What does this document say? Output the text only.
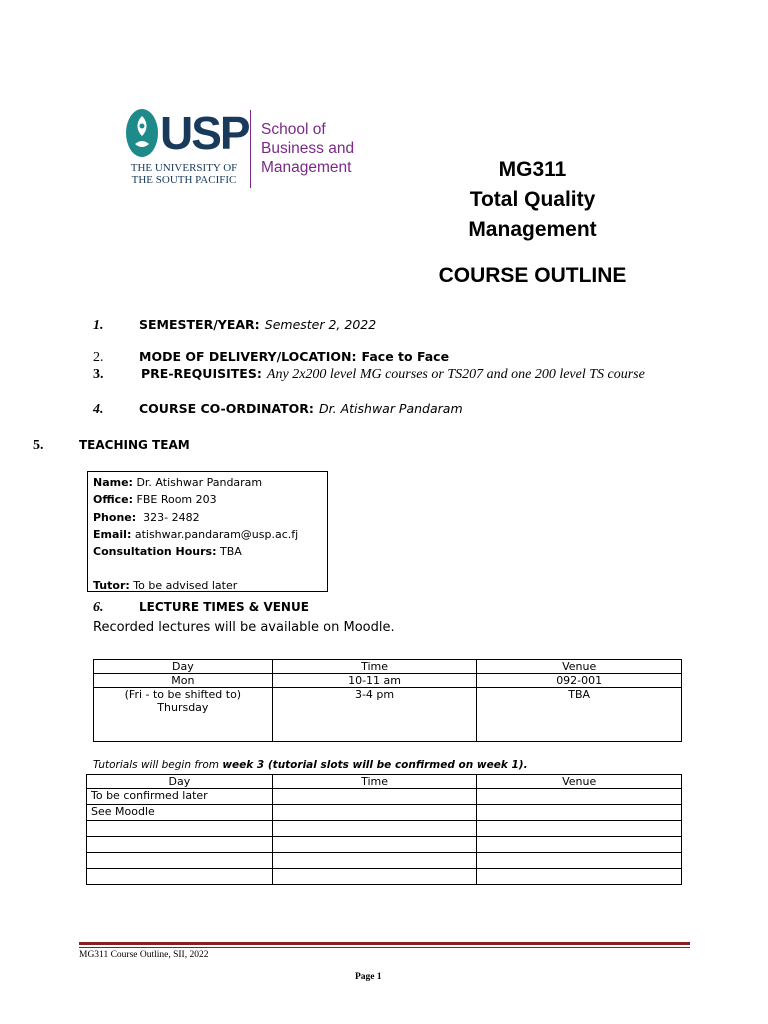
USP
THE UNIVERSITY OF THE SOUTH PACIFIC
School of
Business and
Management	MG311
Total Quality
Management
COURSE OUTLINE
1.	SEMESTER/YEAR: Semester 2, 2022
2.	MODE OF DELIVERY/LOCATION: Face to Face
3.	PRE-REQUISITES: Any 2x200 level MG courses or TS207 and one 200 level TS course
4.	COURSE CO-ORDINATOR: Dr. Atishwar Pandaram
5.	TEACHING TEAM
Name: Dr. Atishwar Pandaram
Office: FBE Room 203
Phone: 323- 2482
Email: atishwar.pandaram@usp.ac.fj
Consultation Hours: TBA
Tutor: To be advised later
6.	LECTURE TIMES & VENUE
Recorded lectures will be available on Moodle.
Day	Time	Venue
Mon	10-11 am	092-001
(Fri - to be shifted to) Thursday	3-4 pm	TBA
Tutorials will begin from week 3 (tutorial slots will be confirmed on week 1).
Day	Time	Venue
To be confirmed later		
See Moodle		

MG311 Course Outline, SII, 2022
Page 1
